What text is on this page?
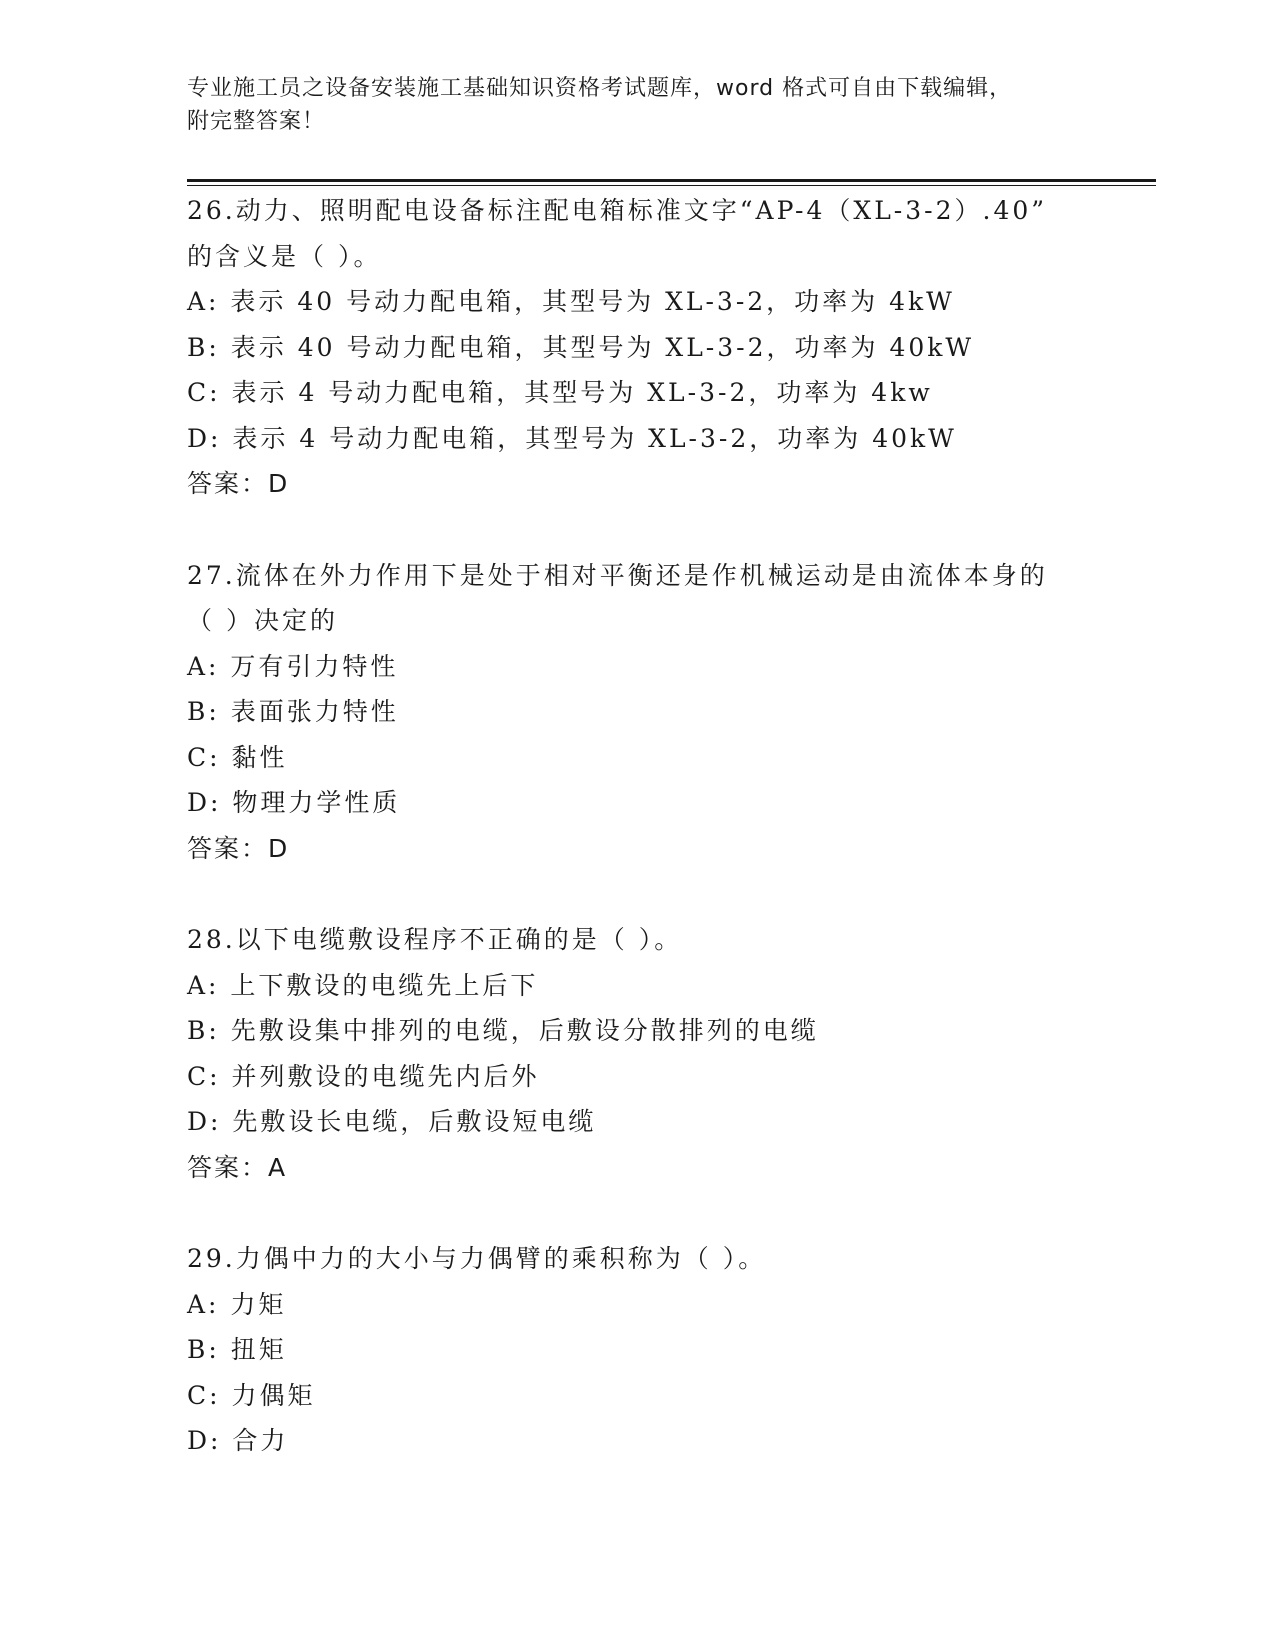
专业施工员之设备安装施工基础知识资格考试题库，word 格式可自由下载编辑，
附完整答案！
26.动力、照明配电设备标注配电箱标准文字“AP-4（XL-3-2）.40”
的含义是（ ）。
A: 表示 40 号动力配电箱，其型号为 XL-3-2，功率为 4kW
B: 表示 40 号动力配电箱，其型号为 XL-3-2，功率为 40kW
C: 表示 4 号动力配电箱，其型号为 XL-3-2，功率为 4kw
D: 表示 4 号动力配电箱，其型号为 XL-3-2，功率为 40kW
答案：D
27.流体在外力作用下是处于相对平衡还是作机械运动是由流体本身的
（ ）决定的
A: 万有引力特性
B: 表面张力特性
C: 黏性
D: 物理力学性质
答案：D
28.以下电缆敷设程序不正确的是（ ）。
A: 上下敷设的电缆先上后下
B: 先敷设集中排列的电缆，后敷设分散排列的电缆
C: 并列敷设的电缆先内后外
D: 先敷设长电缆，后敷设短电缆
答案：A
29.力偶中力的大小与力偶臂的乘积称为（ ）。
A: 力矩
B: 扭矩
C: 力偶矩
D: 合力
